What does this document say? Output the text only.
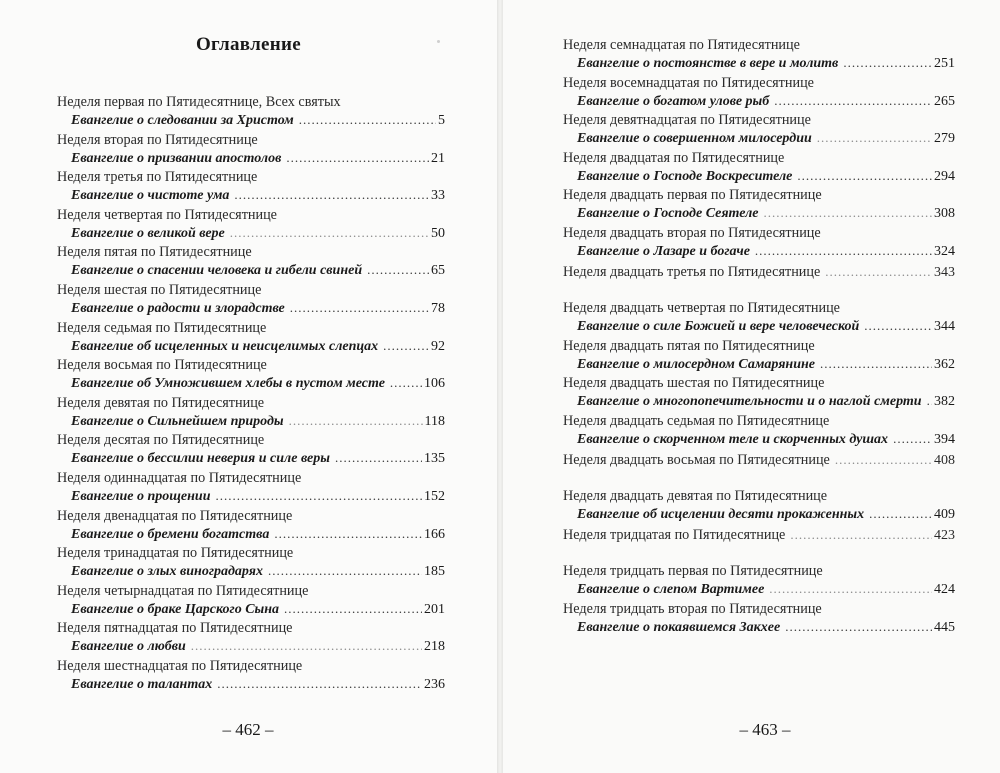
Оглавление
Неделя первая по Пятидесятнице, Всех святых
Евангелие о следовании за Христом .....	5
Неделя вторая по Пятидесятнице
Евангелие о призвании апостолов .....	21
Неделя третья по Пятидесятнице
Евангелие о чистоте ума .....	33
Неделя четвертая по Пятидесятнице
Евангелие о великой вере .....	50
Неделя пятая по Пятидесятнице
Евангелие о спасении человека и гибели свиней .....	65
Неделя шестая по Пятидесятнице
Евангелие о радости и злорадстве .....	78
Неделя седьмая по Пятидесятнице
Евангелие об исцеленных и неисцелимых слепцах .....	92
Неделя восьмая по Пятидесятнице
Евангелие об Умножившем хлебы в пустом месте .....	106
Неделя девятая по Пятидесятнице
Евангелие о Сильнейшем природы .....	118
Неделя десятая по Пятидесятнице
Евангелие о бессилии неверия и силе веры .....	135
Неделя одиннадцатая по Пятидесятнице
Евангелие о прощении .....	152
Неделя двенадцатая по Пятидесятнице
Евангелие о бремени богатства .....	166
Неделя тринадцатая по Пятидесятнице
Евангелие о злых виноградарях .....	185
Неделя четырнадцатая по Пятидесятнице
Евангелие о браке Царского Сына .....	201
Неделя пятнадцатая по Пятидесятнице
Евангелие о любви .....	218
Неделя шестнадцатая по Пятидесятнице
Евангелие о талантах .....	236
– 462 –	– 463 –
Неделя семнадцатая по Пятидесятнице
Евангелие о постоянстве в вере и молитв .....	251
Неделя восемнадцатая по Пятидесятнице
Евангелие о богатом улове рыб .....	265
Неделя девятнадцатая по Пятидесятнице
Евангелие о совершенном милосердии .....	279
Неделя двадцатая по Пятидесятнице
Евангелие о Господе Воскресителе .....	294
Неделя двадцать первая по Пятидесятнице
Евангелие о Господе Сеятеле .....	308
Неделя двадцать вторая по Пятидесятнице
Евангелие о Лазаре и богаче .....	324
Неделя двадцать третья по Пятидесятнице .....	343
Неделя двадцать четвертая по Пятидесятнице
Евангелие о силе Божией и вере человеческой .....	344
Неделя двадцать пятая по Пятидесятнице
Евангелие о милосердном Самарянине .....	362
Неделя двадцать шестая по Пятидесятнице
Евангелие о многопопечительности и о наглой смерти ..... 382
Неделя двадцать седьмая по Пятидесятнице
Евангелие о скорченном теле и скорченных душах .....	394
Неделя двадцать восьмая по Пятидесятнице .....	408
Неделя двадцать девятая по Пятидесятнице
Евангелие об исцелении десяти прокаженных .....	409
Неделя тридцатая по Пятидесятнице .....	423
Неделя тридцать первая по Пятидесятнице
Евангелие о слепом Вартимее .....	424
Неделя тридцать вторая по Пятидесятнице
Евангелие о покаявшемся Закхее .....	445
